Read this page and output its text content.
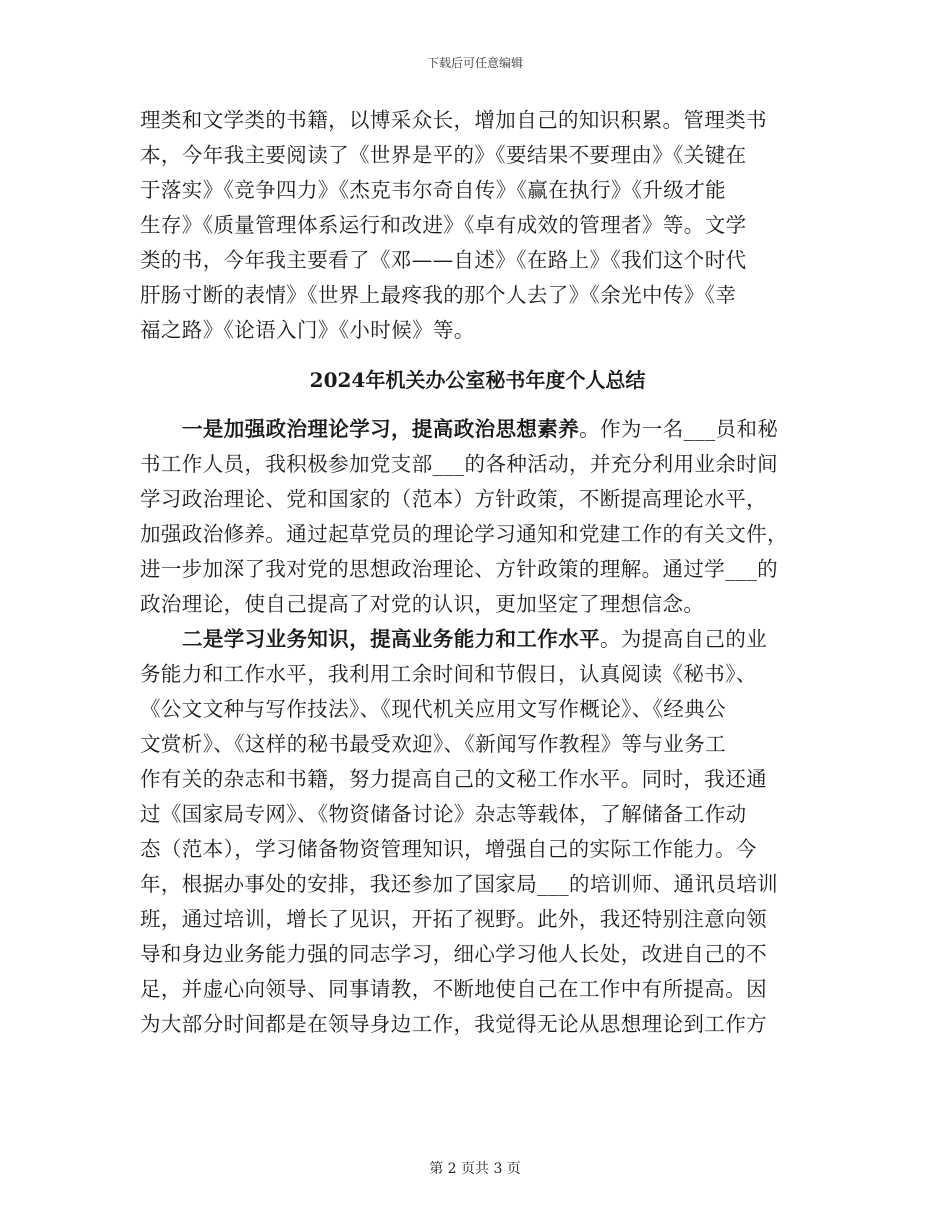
下载后可任意编辑

理类和文学类的书籍，以博采众长，增加自己的知识积累。管理类书
本，今年我主要阅读了《世界是平的》《要结果不要理由》《关键在
于落实》《竞争四力》《杰克韦尔奇自传》《赢在执行》《升级才能
生存》《质量管理体系运行和改进》《卓有成效的管理者》等。文学
类的书，今年我主要看了《邓——自述》《在路上》《我们这个时代
肝肠寸断的表情》《世界上最疼我的那个人去了》《余光中传》《幸
福之路》《论语入门》《小时候》等。

2024年机关办公室秘书年度个人总结

一是加强政治理论学习，提高政治思想素养。作为一名___员和秘
书工作人员，我积极参加党支部___的各种活动，并充分利用业余时间
学习政治理论、党和国家的（范本）方针政策，不断提高理论水平，
加强政治修养。通过起草党员的理论学习通知和党建工作的有关文件，
进一步加深了我对党的思想政治理论、方针政策的理解。通过学___的
政治理论，使自己提高了对党的认识，更加坚定了理想信念。

二是学习业务知识，提高业务能力和工作水平。为提高自己的业
务能力和工作水平，我利用工余时间和节假日，认真阅读《秘书》、
《公文文种与写作技法》、《现代机关应用文写作概论》、《经典公
文赏析》、《这样的秘书最受欢迎》、《新闻写作教程》等与业务工
作有关的杂志和书籍，努力提高自己的文秘工作水平。同时，我还通
过《国家局专网》、《物资储备讨论》杂志等载体，了解储备工作动
态（范本），学习储备物资管理知识，增强自己的实际工作能力。今
年，根据办事处的安排，我还参加了国家局___的培训师、通讯员培训
班，通过培训，增长了见识，开拓了视野。此外，我还特别注意向领
导和身边业务能力强的同志学习，细心学习他人长处，改进自己的不
足，并虚心向领导、同事请教，不断地使自己在工作中有所提高。因
为大部分时间都是在领导身边工作，我觉得无论从思想理论到工作方

第 2 页共 3 页
